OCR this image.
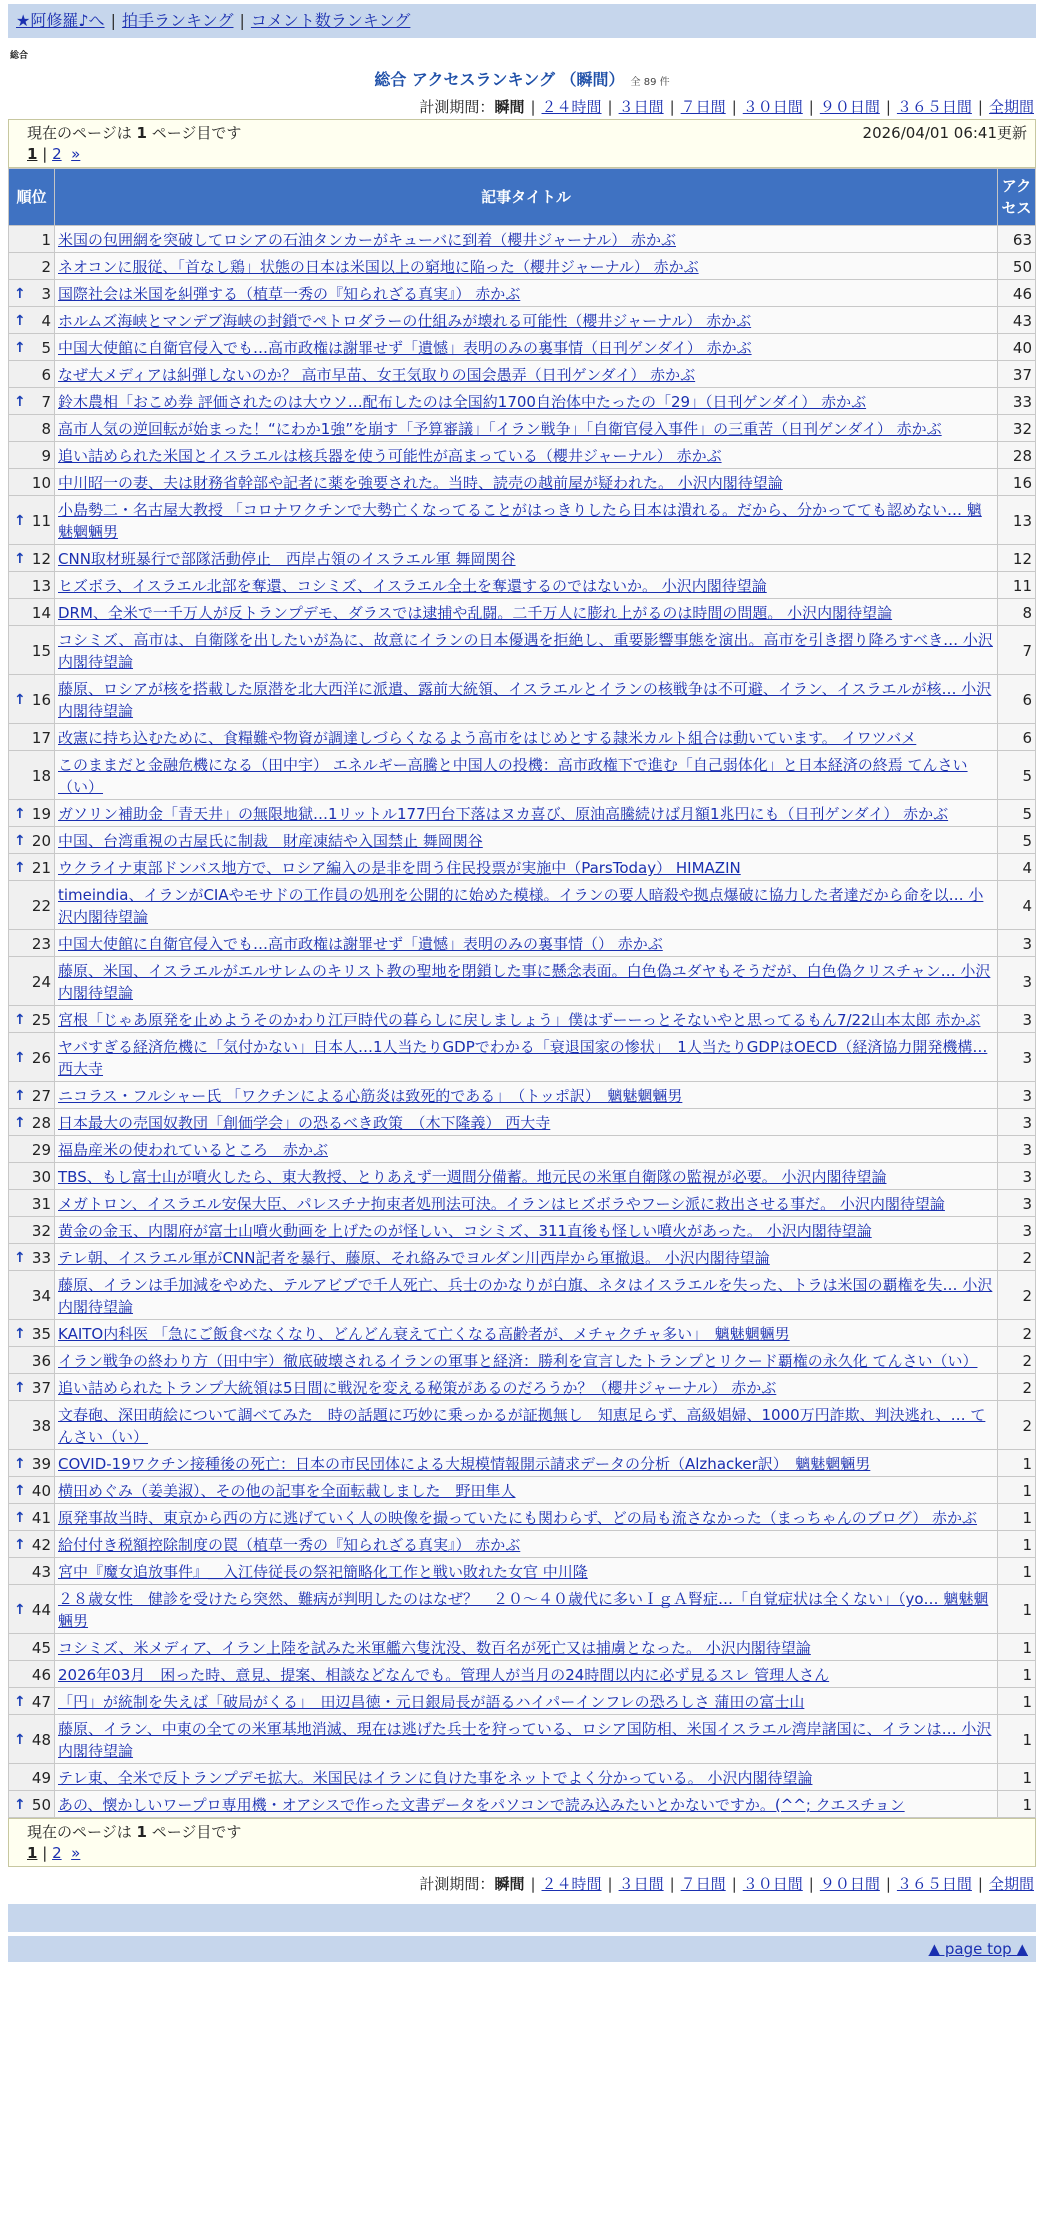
★阿修羅♪へ | 拍手ランキング | コメント数ランキング
総合
総合 アクセスランキング （瞬間） 全 89 件
計測期間：瞬間 | ２４時間 | ３日間 | ７日間 | ３０日間 | ９０日間 | ３６５日間 | 全期間
現在のページは 1 ページ目です	2026/04/01 06:41更新
1 | 2 »
順位	記事タイトル	アクセス
1	米国の包囲網を突破してロシアの石油タンカーがキューバに到着（櫻井ジャーナル） 赤かぶ	63
2	ネオコンに服従、「首なし鶏」状態の日本は米国以上の窮地に陥った（櫻井ジャーナル） 赤かぶ	50

↑ 3	国際社会は米国を糾弾する（植草一秀の『知られざる真実』） 赤かぶ	46

↑ 4	ホルムズ海峡とマンデブ海峡の封鎖でペトロダラーの仕組みが壊れる可能性（櫻井ジャーナル） 赤かぶ	43

↑ 5	中国大使館に自衛官侵入でも…高市政権は謝罪せず「遺憾」表明のみの裏事情（日刊ゲンダイ） 赤かぶ	40
6	なぜ大メディアは糾弾しないのか？ 高市早苗、女王気取りの国会愚弄（日刊ゲンダイ） 赤かぶ	37

↑ 7	鈴木農相「おこめ券 評価されたのは大ウソ…配布したのは全国約1700自治体中たったの「29」（日刊ゲンダイ） 赤かぶ	33
8	高市人気の逆回転が始まった！“にわか1強”を崩す「予算審議」「イラン戦争」「自衛官侵入事件」の三重苦（日刊ゲンダイ） 赤かぶ	32
9	追い詰められた米国とイスラエルは核兵器を使う可能性が高まっている（櫻井ジャーナル） 赤かぶ	28
10	中川昭一の妻、夫は財務省幹部や記者に薬を強要された。当時、読売の越前屋が疑われた。 小沢内閣待望論	16

↑ 11	小島勢二・名古屋大教授 「コロナワクチンで大勢亡くなってることがはっきりしたら日本は潰れる。だから、分かってても認めない… 魑魅魍魎男	13

↑ 12	CNN取材班暴行で部隊活動停止　西岸占領のイスラエル軍 舞岡関谷	12
13	ヒズボラ、イスラエル北部を奪還、コシミズ、イスラエル全土を奪還するのではないか。 小沢内閣待望論	11
14	DRM、全米で一千万人が反トランプデモ、ダラスでは逮捕や乱闘。二千万人に膨れ上がるのは時間の問題。 小沢内閣待望論	8
15	コシミズ、高市は、自衛隊を出したいが為に、故意にイランの日本優遇を拒絶し、重要影響事態を演出。高市を引き摺り降ろすべき… 小沢内閣待望論	7

↑ 16	藤原、ロシアが核を搭載した原潜を北大西洋に派遣、露前大統領、イスラエルとイランの核戦争は不可避、イラン、イスラエルが核… 小沢内閣待望論	6
17	改憲に持ち込むために、食糧難や物資が調達しづらくなるよう高市をはじめとする隷米カルト組合は動いています。 イワツバメ	6
18	このままだと金融危機になる（田中宇） エネルギー高騰と中国人の投機：高市政権下で進む「自己弱体化」と日本経済の終焉 てんさい（い）	5

↑ 19	ガソリン補助金「青天井」の無限地獄…1リットル177円台下落はヌカ喜び、原油高騰続けば月額1兆円にも（日刊ゲンダイ） 赤かぶ	5

↑ 20	中国、台湾重視の古屋氏に制裁　財産凍結や入国禁止 舞岡関谷	5

↑ 21	ウクライナ東部ドンバス地方で、ロシア編入の是非を問う住民投票が実施中（ParsToday） HIMAZIN	4
22	timeindia、イランがCIAやモサドの工作員の処刑を公開的に始めた模様。イランの要人暗殺や拠点爆破に協力した者達だから命を以… 小沢内閣待望論	4
23	中国大使館に自衛官侵入でも…高市政権は謝罪せず「遺憾」表明のみの裏事情（） 赤かぶ	3
24	藤原、米国、イスラエルがエルサレムのキリスト教の聖地を閉鎖した事に懸念表面。白色偽ユダヤもそうだが、白色偽クリスチャン… 小沢内閣待望論	3

↑ 25	宮根「じゃあ原発を止めようそのかわり江戸時代の暮らしに戻しましょう」僕はずーーっとそないやと思ってるもん7/22山本太郎 赤かぶ	3

↑ 26	ヤバすぎる経済危機に「気付かない」日本人…1人当たりGDPでわかる「衰退国家の惨状」　1人当たりGDPはOECD（経済協力開発機構… 西大寺	3

↑ 27	ニコラス・フルシャー氏 「ワクチンによる心筋炎は致死的である」　（トッポ訳）　魑魅魍魎男	3

↑ 28	日本最大の売国奴教団「創価学会」の恐るべき政策　（木下隆義） 西大寺	3
29	福島産米の使われているところ　赤かぶ	3
30	TBS、もし富士山が噴火したら、東大教授、とりあえず一週間分備蓄。地元民の米軍自衛隊の監視が必要。 小沢内閣待望論	3
31	メガトロン、イスラエル安保大臣、パレスチナ拘束者処刑法可決。イランはヒズボラやフーシ派に救出させる事だ。 小沢内閣待望論	3
32	黄金の金玉、内閣府が富士山噴火動画を上げたのが怪しい、コシミズ、311直後も怪しい噴火があった。 小沢内閣待望論	3

↑ 33	テレ朝、イスラエル軍がCNN記者を暴行、藤原、それ絡みでヨルダン川西岸から軍撤退。 小沢内閣待望論	2
34	藤原、イランは手加減をやめた、テルアビブで千人死亡、兵士のかなりが白旗、ネタはイスラエルを失った、トラは米国の覇権を失… 小沢内閣待望論	2

↑ 35	KAITO内科医 「急にご飯食べなくなり、どんどん衰えて亡くなる高齢者が、メチャクチャ多い」　魑魅魍魎男	2
36	イラン戦争の終わり方（田中宇）徹底破壊されるイランの軍事と経済：勝利を宣言したトランプとリクード覇権の永久化 てんさい（い）	2

↑ 37	追い詰められたトランプ大統領は5日間に戦況を変える秘策があるのだろうか？（櫻井ジャーナル） 赤かぶ	2
38	文春砲、深田萌絵について調べてみた　時の話題に巧妙に乗っかるが証拠無し　知恵足らず、高級娼婦、1000万円詐欺、判決逃れ、… てんさい（い）	2

↑ 39	COVID-19ワクチン接種後の死亡：日本の市民団体による大規模情報開示請求データの分析（Alzhacker訳）　魑魅魍魎男	1

↑ 40	横田めぐみ（姜美淑）、その他の記事を全面転載しました　野田隼人	1

↑ 41	原発事故当時、東京から西の方に逃げていく人の映像を撮っていたにも関わらず、どの局も流さなかった（まっちゃんのブログ） 赤かぶ	1

↑ 42	給付付き税額控除制度の罠（植草一秀の『知られざる真実』） 赤かぶ	1
43	宮中『魔女追放事件』＿入江侍従長の祭祀簡略化工作と戦い敗れた女官 中川隆	1

↑ 44	２８歳女性　健診を受けたら突然、難病が判明したのはなぜ？　２０～４０歳代に多いＩｇＡ腎症…「自覚症状は全くない」（yo… 魑魅魍魎男	1
45	コシミズ、米メディア、イラン上陸を試みた米軍艦六隻沈没、数百名が死亡又は捕虜となった。 小沢内閣待望論	1
46	2026年03月　困った時、意見、提案、相談などなんでも。管理人が当月の24時間以内に必ず見るスレ 管理人さん	1

↑ 47	「円」が統制を失えば「破局がくる」　田辺昌徳・元日銀局長が語るハイパーインフレの恐ろしさ 蒲田の富士山	1

↑ 48	藤原、イラン、中東の全ての米軍基地消滅、現在は逃げた兵士を狩っている、ロシア国防相、米国イスラエル湾岸諸国に、イランは… 小沢内閣待望論	1
49	テレ東、全米で反トランプデモ拡大。米国民はイランに負けた事をネットでよく分かっている。 小沢内閣待望論	1

↑ 50	あの、懐かしいワープロ専用機・オアシスで作った文書データをパソコンで読み込みたいとかないですか。(^^; クエスチョン	1
現在のページは 1 ページ目です
1 | 2 »
計測期間：瞬間 | ２４時間 | ３日間 | ７日間 | ３０日間 | ９０日間 | ３６５日間 | 全期間
▲ page top ▲
